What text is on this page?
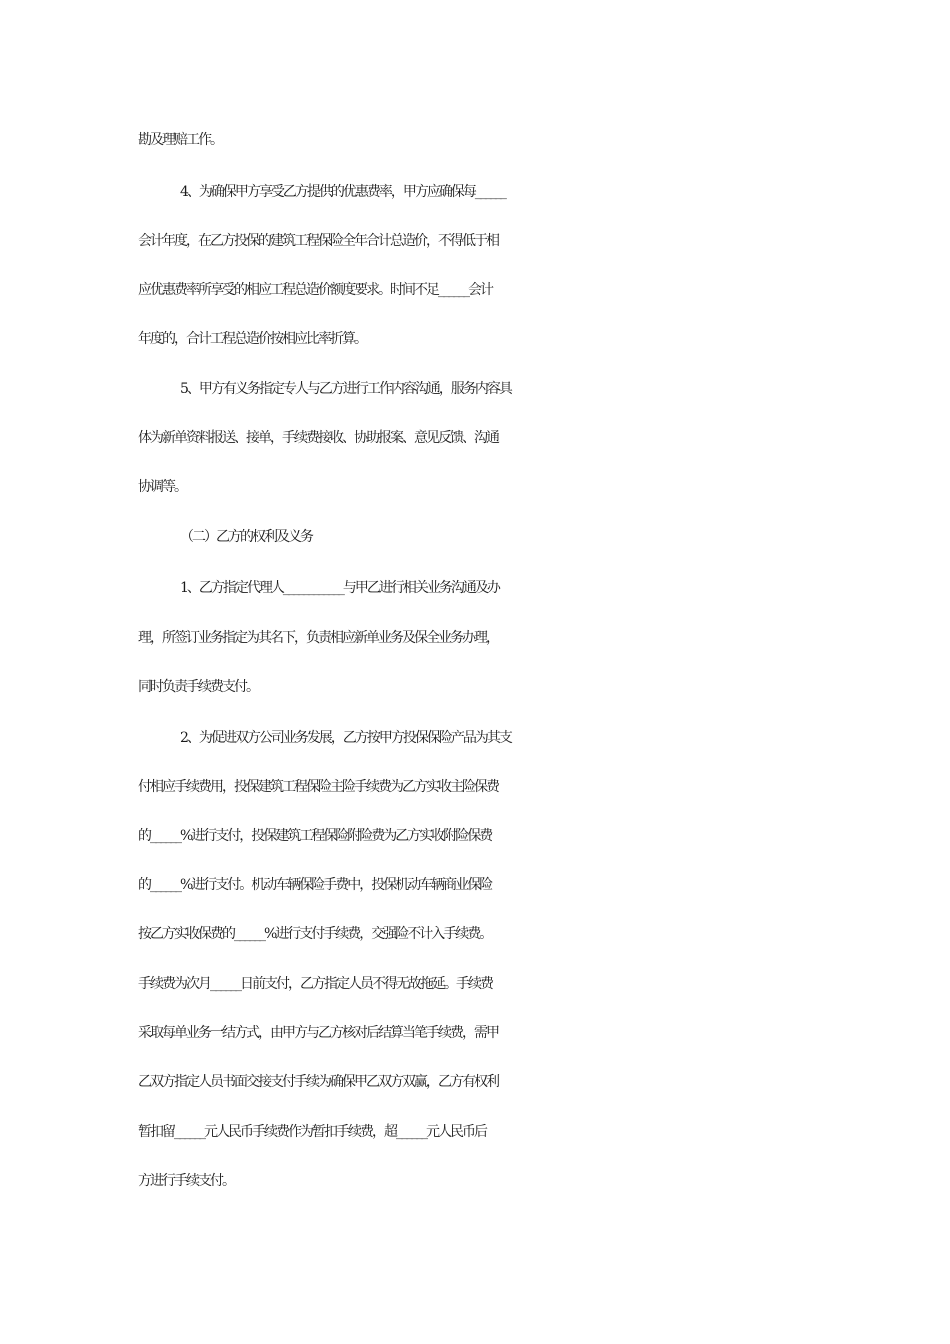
勘及理赔工作。
4、为确保甲方享受乙方提供的优惠费率，甲方应确保每______
会计年度，在乙方投保的建筑工程保险全年合计总造价，不得低于相
应优惠费率所享受的相应工程总造价额度要求。时间不足______会计
年度的，合计工程总造价按相应比率折算。
5、甲方有义务指定专人与乙方进行工作内容沟通，服务内容具
体为新单资料报送、接单，手续费接收、协助报案、意见反馈、沟通
协调等。
（二）乙方的权利及义务
1、乙方指定代理人____________与甲乙进行相关业务沟通及办
理，所签订业务指定为其名下，负责相应新单业务及保全业务办理，
同时负责手续费支付。
2、为促进双方公司业务发展，乙方按甲方投保保险产品为其支
付相应手续费用，投保建筑工程保险主险手续费为乙方实收主险保费
的______%进行支付，投保建筑工程保险附险费为乙方实收附险保费
的______%进行支付。机动车辆保险手费中，投保机动车辆商业保险
按乙方实收保费的______%进行支付手续费，交强险不计入手续费。
手续费为次月______日前支付，乙方指定人员不得无故拖延。手续费
采取每单业务一结方式，由甲方与乙方核对后结算当笔手续费，需甲
乙双方指定人员书面交接支付手续为确保甲乙双方双赢，乙方有权利
暂扣留______元人民币手续费作为暂扣手续费，超______元人民币后
方进行手续支付。
